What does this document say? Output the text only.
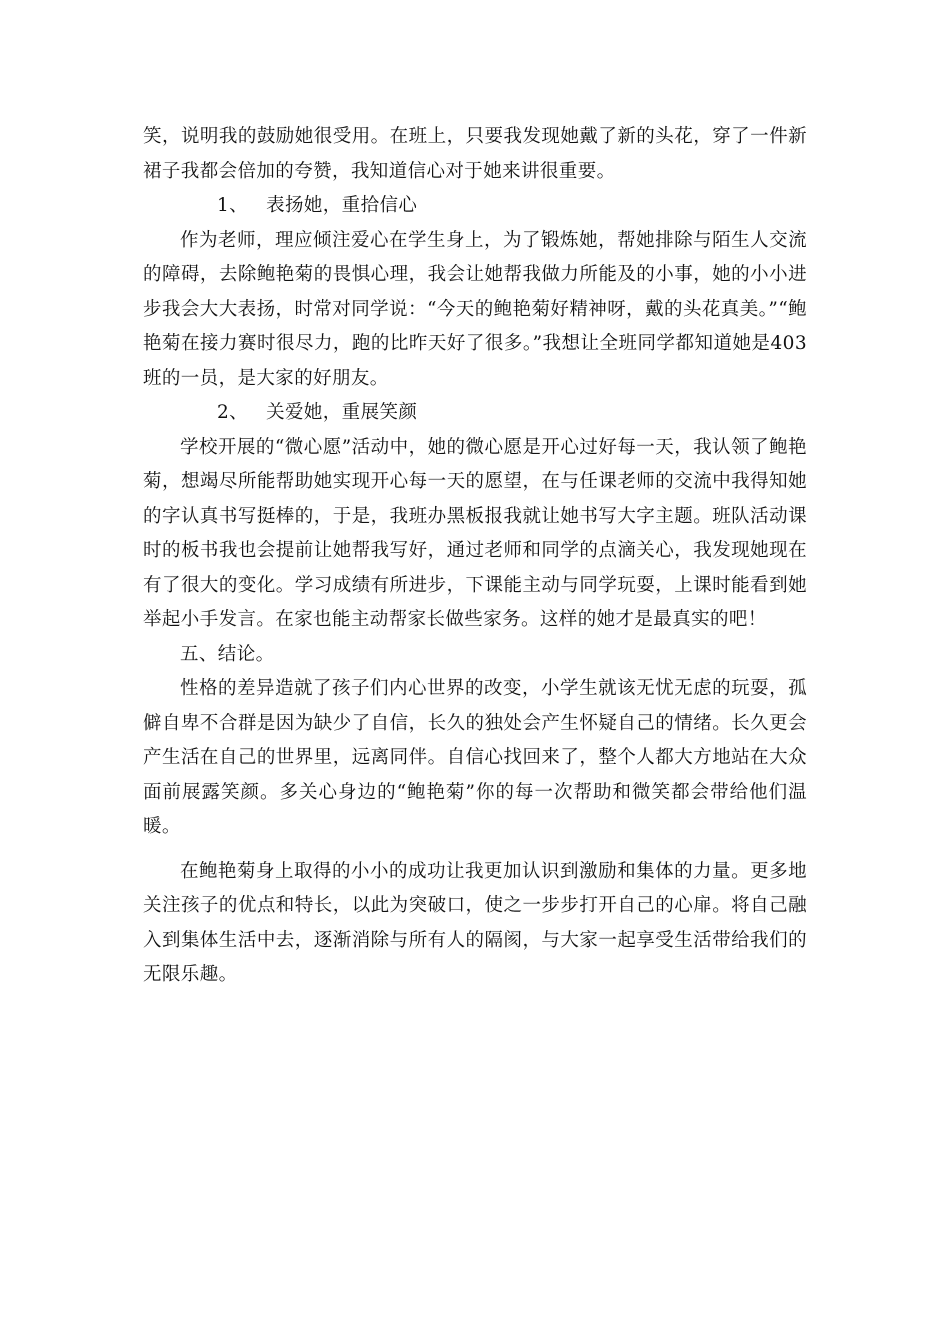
笑，说明我的鼓励她很受用。在班上，只要我发现她戴了新的头花，穿了一件新裙子我都会倍加的夸赞，我知道信心对于她来讲很重要。

1、 表扬她，重拾信心

作为老师，理应倾注爱心在学生身上，为了锻炼她，帮她排除与陌生人交流的障碍，去除鲍艳菊的畏惧心理，我会让她帮我做力所能及的小事，她的小小进步我会大大表扬，时常对同学说：“今天的鲍艳菊好精神呀，戴的头花真美。”“鲍艳菊在接力赛时很尽力，跑的比昨天好了很多。”我想让全班同学都知道她是403班的一员，是大家的好朋友。

2、 关爱她，重展笑颜

学校开展的“微心愿”活动中，她的微心愿是开心过好每一天，我认领了鲍艳菊，想竭尽所能帮助她实现开心每一天的愿望，在与任课老师的交流中我得知她的字认真书写挺棒的，于是，我班办黑板报我就让她书写大字主题。班队活动课时的板书我也会提前让她帮我写好，通过老师和同学的点滴关心，我发现她现在有了很大的变化。学习成绩有所进步，下课能主动与同学玩耍，上课时能看到她举起小手发言。在家也能主动帮家长做些家务。这样的她才是最真实的吧！

五、结论。

性格的差异造就了孩子们内心世界的改变，小学生就该无忧无虑的玩耍，孤僻自卑不合群是因为缺少了自信，长久的独处会产生怀疑自己的情绪。长久更会产生活在自己的世界里，远离同伴。自信心找回来了，整个人都大方地站在大众面前展露笑颜。多关心身边的“鲍艳菊”你的每一次帮助和微笑都会带给他们温暖。

在鲍艳菊身上取得的小小的成功让我更加认识到激励和集体的力量。更多地关注孩子的优点和特长，以此为突破口，使之一步步打开自己的心扉。将自己融入到集体生活中去，逐渐消除与所有人的隔阂，与大家一起享受生活带给我们的无限乐趣。
